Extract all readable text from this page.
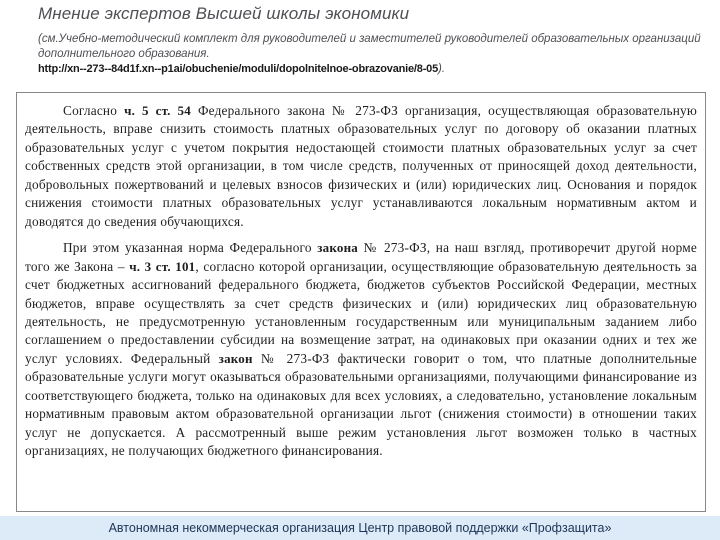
Мнение экспертов Высшей школы экономики

(см.Учебно-методический комплект для руководителей и заместителей руководителей образовательных организаций дополнительного образования.
http://xn--273--84d1f.xn--p1ai/obuchenie/moduli/dopolnitelnoe-obrazovanie/8-05).

Согласно ч. 5 ст. 54 Федерального закона № 273-ФЗ организация, осуществляющая образовательную деятельность, вправе снизить стоимость платных образовательных услуг по договору об оказании платных образовательных услуг с учетом покрытия недостающей стоимости платных образовательных услуг за счет собственных средств этой организации, в том числе средств, полученных от приносящей доход деятельности, добровольных пожертвований и целевых взносов физических и (или) юридических лиц. Основания и порядок снижения стоимости платных образовательных услуг устанавливаются локальным нормативным актом и доводятся до сведения обучающихся.

При этом указанная норма Федерального закона № 273-ФЗ, на наш взгляд, противоречит другой норме того же Закона – ч. 3 ст. 101, согласно которой организации, осуществляющие образовательную деятельность за счет бюджетных ассигнований федерального бюджета, бюджетов субъектов Российской Федерации, местных бюджетов, вправе осуществлять за счет средств физических и (или) юридических лиц образовательную деятельность, не предусмотренную установленным государственным или муниципальным заданием либо соглашением о предоставлении субсидии на возмещение затрат, на одинаковых при оказании одних и тех же услуг условиях. Федеральный закон № 273-ФЗ фактически говорит о том, что платные дополнительные образовательные услуги могут оказываться образовательными организациями, получающими финансирование из соответствующего бюджета, только на одинаковых для всех условиях, а следовательно, установление локальным нормативным правовым актом образовательной организации льгот (снижения стоимости) в отношении таких услуг не допускается. А рассмотренный выше режим установления льгот возможен только в частных организациях, не получающих бюджетного финансирования.

Автономная некоммерческая организация Центр правовой поддержки «Профзащита»
